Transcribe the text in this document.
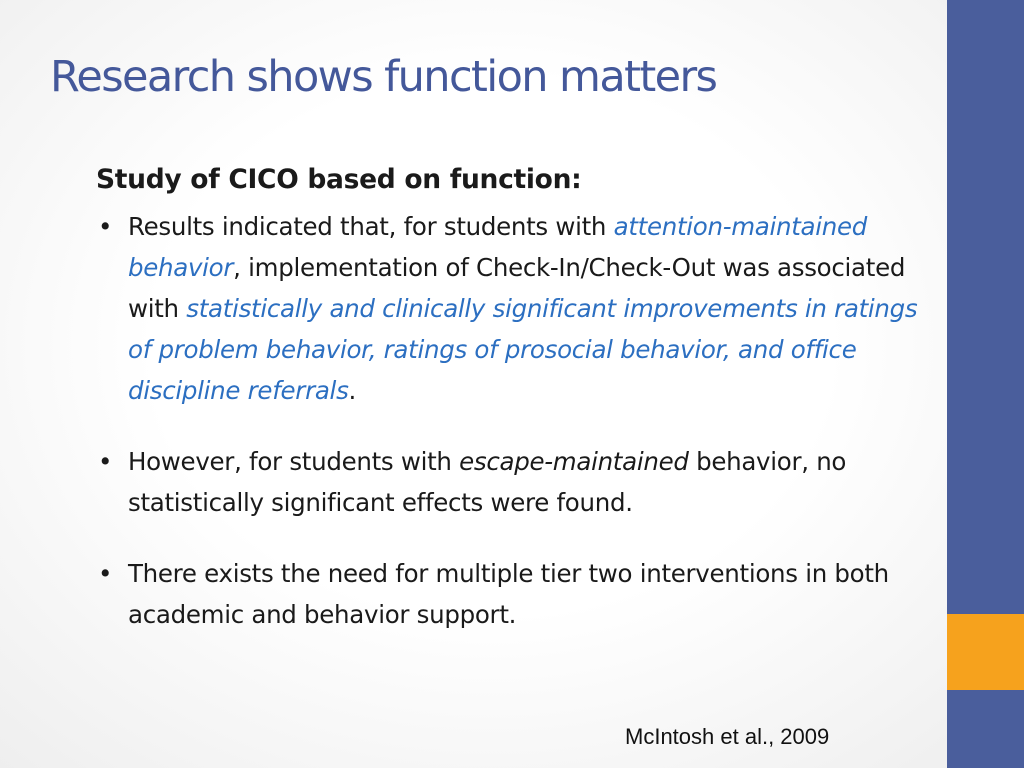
Research shows function matters
Study of CICO based on function:
• Results indicated that, for students with attention-maintained behavior, implementation of Check-In/Check-Out was associated with statistically and clinically significant improvements in ratings of problem behavior, ratings of prosocial behavior, and office discipline referrals.
• However, for students with escape-maintained behavior, no statistically significant effects were found.
• There exists the need for multiple tier two interventions in both academic and behavior support.
McIntosh et al., 2009
